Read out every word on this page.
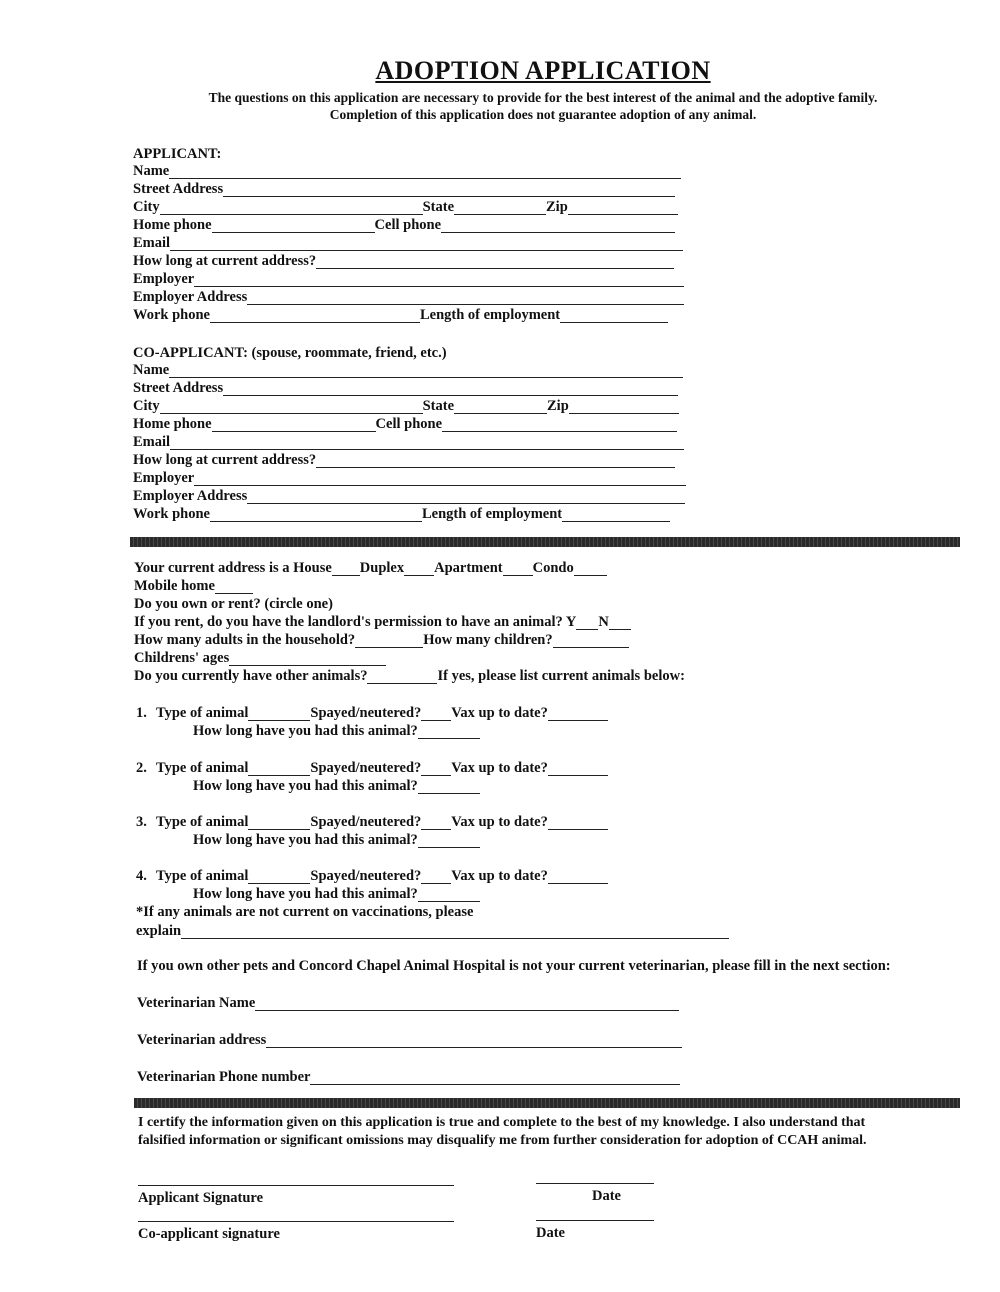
ADOPTION APPLICATION
The questions on this application are necessary to provide for the best interest of the animal and the adoptive family.
Completion of this application does not guarantee adoption of any animal.
APPLICANT:
Name
Street Address
City	State	Zip
Home phone	Cell phone
Email
How long at current address?
Employer
Employer Address
Work phone	Length of employment
CO-APPLICANT: (spouse, roommate, friend, etc.)
Name
Street Address
City	State	Zip
Home phone	Cell phone
Email
How long at current address?
Employer
Employer Address
Work phone	Length of employment
Your current address is a House Duplex Apartment Condo
Mobile home
Do you own or rent? (circle one)
If you rent, do you have the landlord's permission to have an animal? Y N
How many adults in the household?	How many children?
Childrens' ages
Do you currently have other animals?	If yes, please list current animals below:
1. Type of animal	Spayed/neutered? Vax up to date?
How long have you had this animal?
2. Type of animal	Spayed/neutered? Vax up to date?
How long have you had this animal?
3. Type of animal	Spayed/neutered? Vax up to date?
How long have you had this animal?
4. Type of animal	Spayed/neutered? Vax up to date?
How long have you had this animal?
*If any animals are not current on vaccinations, please
explain
If you own other pets and Concord Chapel Animal Hospital is not your current veterinarian, please fill in the next section:
Veterinarian Name
Veterinarian address
Veterinarian Phone number
I certify the information given on this application is true and complete to the best of my knowledge. I also understand that
falsified information or significant omissions may disqualify me from further consideration for adoption of CCAH animal.
Applicant Signature	Date
Co-applicant signature	Date
